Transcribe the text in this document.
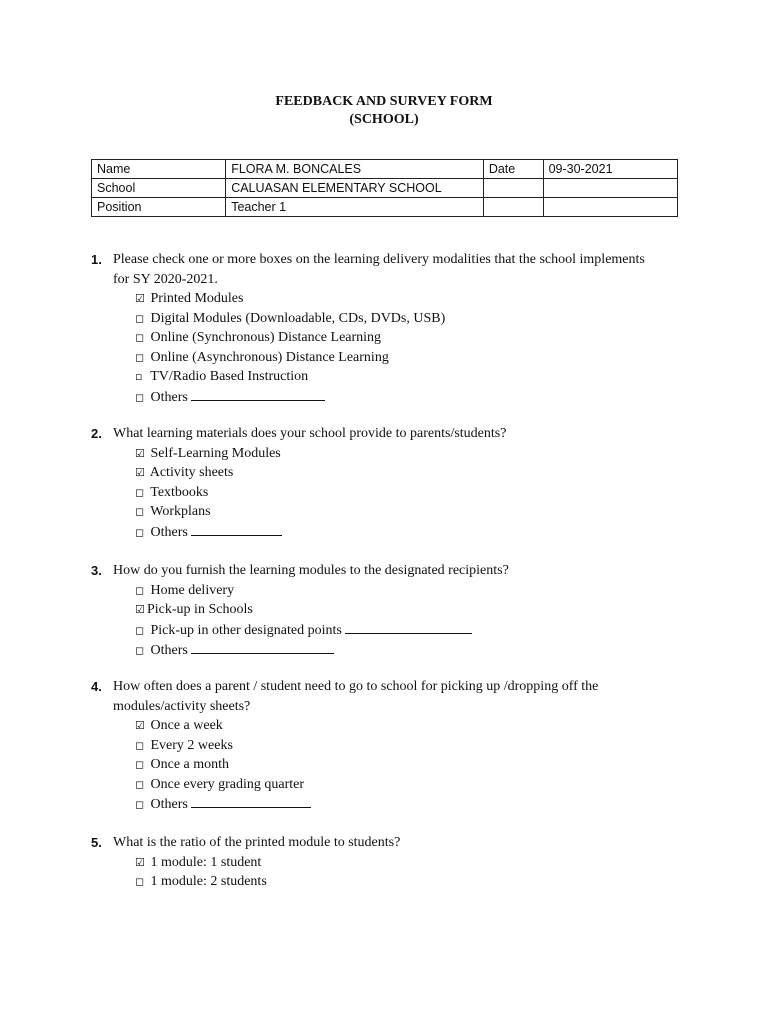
FEEDBACK AND SURVEY FORM
(SCHOOL)
Name	FLORA M. BONCALES	Date	09-30-2021
School	CALUASAN ELEMENTARY SCHOOL		
Position	Teacher 1		
1. Please check one or more boxes on the learning delivery modalities that the school implements for SY 2020-2021.
☑ Printed Modules
◻ Digital Modules (Downloadable, CDs, DVDs, USB)
◻ Online (Synchronous) Distance Learning
◻ Online (Asynchronous) Distance Learning
▫ TV/Radio Based Instruction
◻ Others
2. What learning materials does your school provide to parents/students?
☑ Self-Learning Modules
☑ Activity sheets
◻ Textbooks
◻ Workplans
◻ Others
3. How do you furnish the learning modules to the designated recipients?
◻ Home delivery
☑ Pick-up in Schools
◻ Pick-up in other designated points
◻ Others
4. How often does a parent / student need to go to school for picking up /dropping off the modules/activity sheets?
☑ Once a week
◻ Every 2 weeks
◻ Once a month
◻ Once every grading quarter
◻ Others
5. What is the ratio of the printed module to students?
☑ 1 module: 1 student
◻ 1 module: 2 students
